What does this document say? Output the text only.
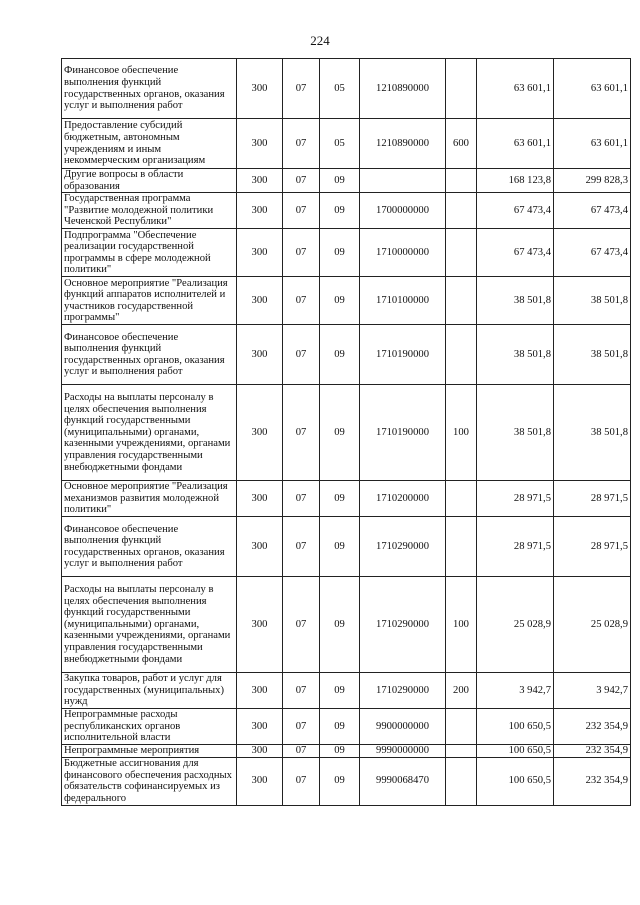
224
Финансовое обеспечение выполнения функций государственных органов, оказания услуг и выполнения работ	300	07	05	1210890000		63 601,1	63 601,1
Предоставление субсидий бюджетным, автономным учреждениям и иным некоммерческим организациям	300	07	05	1210890000	600	63 601,1	63 601,1
Другие вопросы в области образования	300	07	09			168 123,8	299 828,3
Государственная программа "Развитие молодежной политики Чеченской Республики"	300	07	09	1700000000		67 473,4	67 473,4
Подпрограмма "Обеспечение реализации государственной программы в сфере молодежной политики"	300	07	09	1710000000		67 473,4	67 473,4
Основное мероприятие "Реализация функций аппаратов исполнителей и участников государственной программы"	300	07	09	1710100000		38 501,8	38 501,8
Финансовое обеспечение выполнения функций государственных органов, оказания услуг и выполнения работ	300	07	09	1710190000		38 501,8	38 501,8
Расходы на выплаты персоналу в целях обеспечения выполнения функций государственными (муниципальными) органами, казенными учреждениями, органами управления государственными внебюджетными фондами	300	07	09	1710190000	100	38 501,8	38 501,8
Основное мероприятие "Реализация механизмов развития молодежной политики"	300	07	09	1710200000		28 971,5	28 971,5
Финансовое обеспечение выполнения функций государственных органов, оказания услуг и выполнения работ	300	07	09	1710290000		28 971,5	28 971,5
Расходы на выплаты персоналу в целях обеспечения выполнения функций государственными (муниципальными) органами, казенными учреждениями, органами управления государственными внебюджетными фондами	300	07	09	1710290000	100	25 028,9	25 028,9
Закупка товаров, работ и услуг для государственных (муниципальных) нужд	300	07	09	1710290000	200	3 942,7	3 942,7
Непрограммные расходы республиканских органов исполнительной власти	300	07	09	9900000000		100 650,5	232 354,9
Непрограммные мероприятия	300	07	09	9990000000		100 650,5	232 354,9
Бюджетные ассигнования для финансового обеспечения расходных обязательств софинансируемых из федерального	300	07	09	9990068470		100 650,5	232 354,9
